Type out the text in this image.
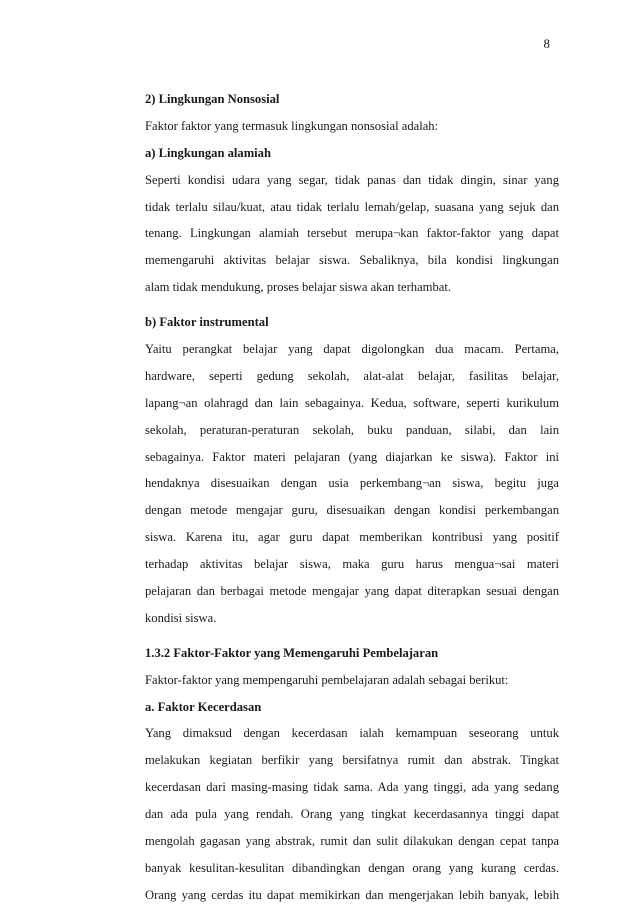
8
2) Lingkungan Nonsosial
Faktor faktor yang termasuk lingkungan nonsosial adalah:
a) Lingkungan alamiah
Seperti kondisi udara yang segar, tidak panas dan tidak dingin, sinar yang
tidak terlalu silau/kuat, atau tidak terlalu lemah/gelap, suasana yang sejuk dan
tenang. Lingkungan alamiah tersebut merupa¬kan faktor-faktor yang dapat
memengaruhi aktivitas belajar siswa. Sebaliknya, bila kondisi lingkungan
alam tidak mendukung, proses belajar siswa akan terhambat.
b) Faktor instrumental
Yaitu perangkat belajar yang dapat digolongkan dua macam. Pertama,
hardware, seperti gedung sekolah, alat-alat belajar, fasilitas belajar,
lapang¬an olahragd dan lain sebagainya. Kedua, software, seperti kurikulum
sekolah, peraturan-peraturan sekolah, buku panduan, silabi, dan lain
sebagainya. Faktor materi pelajaran (yang diajarkan ke siswa). Faktor ini
hendaknya disesuaikan dengan usia perkembang¬an siswa, begitu juga
dengan metode mengajar guru, disesuaikan dengan kondisi perkembangan
siswa. Karena itu, agar guru dapat memberikan kontribusi yang positif
terhadap aktivitas belajar siswa, maka guru harus mengua¬sai materi
pelajaran dan berbagai metode mengajar yang dapat diterapkan sesuai dengan
kondisi siswa.
1.3.2 Faktor-Faktor yang Memengaruhi Pembelajaran
Faktor-faktor yang mempengaruhi pembelajaran adalah sebagai berikut:
a. Faktor Kecerdasan
Yang dimaksud dengan kecerdasan ialah kemampuan seseorang untuk
melakukan kegiatan berfikir yang bersifatnya rumit dan abstrak. Tingkat
kecerdasan dari masing-masing tidak sama. Ada yang tinggi, ada yang sedang
dan ada pula yang rendah. Orang yang tingkat kecerdasannya tinggi dapat
mengolah gagasan yang abstrak, rumit dan sulit dilakukan dengan cepat tanpa
banyak kesulitan-kesulitan dibandingkan dengan orang yang kurang cerdas.
Orang yang cerdas itu dapat memikirkan dan mengerjakan lebih banyak, lebih
